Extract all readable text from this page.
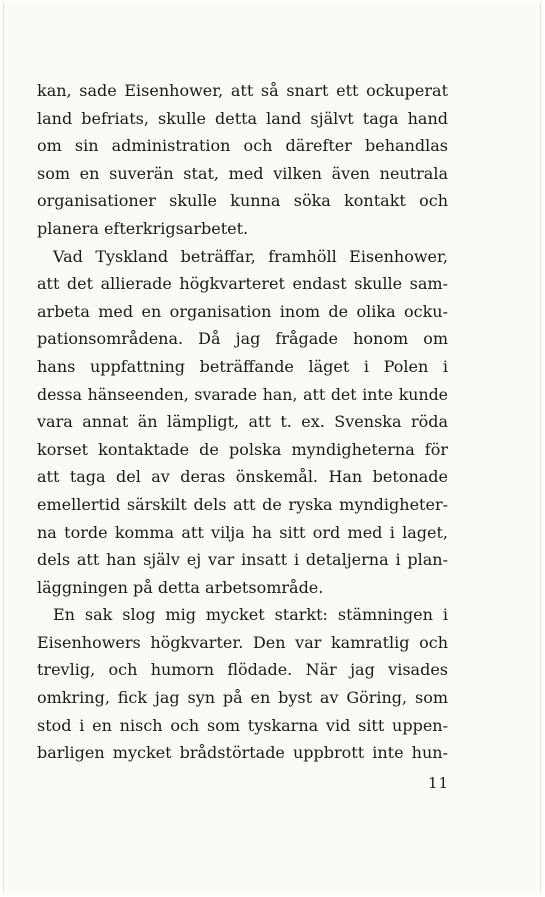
kan, sade Eisenhower, att så snart ett ockuperat
land befriats, skulle detta land självt taga hand
om sin administration och därefter behandlas
som en suverän stat, med vilken även neutrala
organisationer skulle kunna söka kontakt och
planera efterkrigsarbetet.
Vad Tyskland beträffar, framhöll Eisenhower,
att det allierade högkvarteret endast skulle sam-
arbeta med en organisation inom de olika ocku-
pationsområdena. Då jag frågade honom om
hans uppfattning beträffande läget i Polen i
dessa hänseenden, svarade han, att det inte kunde
vara annat än lämpligt, att t. ex. Svenska röda
korset kontaktade de polska myndigheterna för
att taga del av deras önskemål. Han betonade
emellertid särskilt dels att de ryska myndigheter-
na torde komma att vilja ha sitt ord med i laget,
dels att han själv ej var insatt i detaljerna i plan-
läggningen på detta arbetsområde.
En sak slog mig mycket starkt: stämningen i
Eisenhowers högkvarter. Den var kamratlig och
trevlig, och humorn flödade. När jag visades
omkring, fick jag syn på en byst av Göring, som
stod i en nisch och som tyskarna vid sitt uppen-
barligen mycket brådstörtade uppbrott inte hun-
11
